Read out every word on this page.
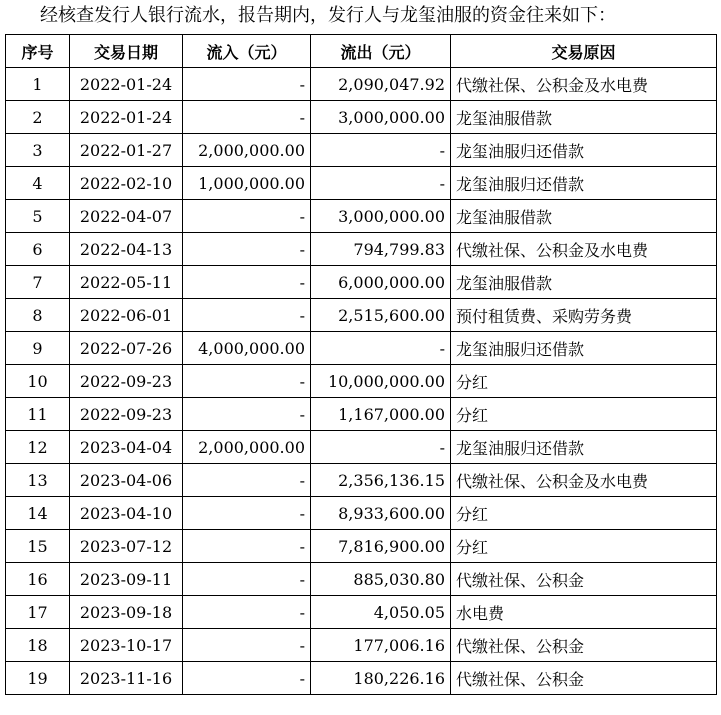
经核查发行人银行流水，报告期内，发行人与龙玺油服的资金往来如下：
序号	交易日期	流入（元）	流出（元）	交易原因
1	2022-01-24	-	2,090,047.92	代缴社保、公积金及水电费
2	2022-01-24	-	3,000,000.00	龙玺油服借款
3	2022-01-27	2,000,000.00	-	龙玺油服归还借款
4	2022-02-10	1,000,000.00	-	龙玺油服归还借款
5	2022-04-07	-	3,000,000.00	龙玺油服借款
6	2022-04-13	-	794,799.83	代缴社保、公积金及水电费
7	2022-05-11	-	6,000,000.00	龙玺油服借款
8	2022-06-01	-	2,515,600.00	预付租赁费、采购劳务费
9	2022-07-26	4,000,000.00	-	龙玺油服归还借款
10	2022-09-23	-	10,000,000.00	分红
11	2022-09-23	-	1,167,000.00	分红
12	2023-04-04	2,000,000.00	-	龙玺油服归还借款
13	2023-04-06	-	2,356,136.15	代缴社保、公积金及水电费
14	2023-04-10	-	8,933,600.00	分红
15	2023-07-12	-	7,816,900.00	分红
16	2023-09-11	-	885,030.80	代缴社保、公积金
17	2023-09-18	-	4,050.05	水电费
18	2023-10-17	-	177,006.16	代缴社保、公积金
19	2023-11-16	-	180,226.16	代缴社保、公积金
